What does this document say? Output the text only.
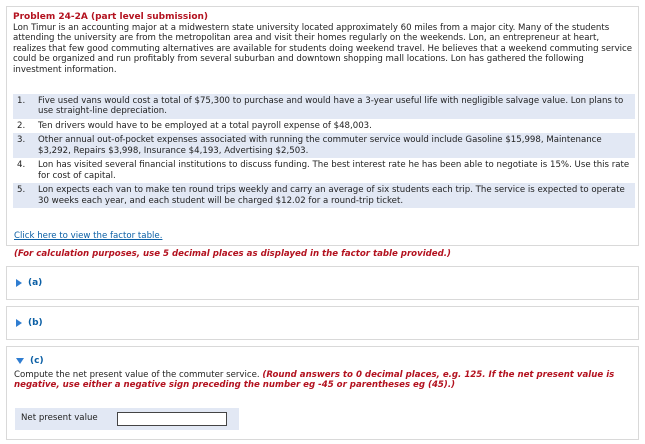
Problem 24-2A (part level submission)
Lon Timur is an accounting major at a midwestern state university located approximately 60 miles from a major city. Many of the students attending the university are from the metropolitan area and visit their homes regularly on the weekends. Lon, an entrepreneur at heart, realizes that few good commuting alternatives are available for students doing weekend travel. He believes that a weekend commuting service could be organized and run profitably from several suburban and downtown shopping mall locations. Lon has gathered the following investment information.
1.	Five used vans would cost a total of $75,300 to purchase and would have a 3-year useful life with negligible salvage value. Lon plans to use straight-line depreciation.
2.	Ten drivers would have to be employed at a total payroll expense of $48,003.
3.	Other annual out-of-pocket expenses associated with running the commuter service would include Gasoline $15,998, Maintenance $3,292, Repairs $3,998, Insurance $4,193, Advertising $2,503.
4.	Lon has visited several financial institutions to discuss funding. The best interest rate he has been able to negotiate is 15%. Use this rate for cost of capital.
5.	Lon expects each van to make ten round trips weekly and carry an average of six students each trip. The service is expected to operate 30 weeks each year, and each student will be charged $12.02 for a round-trip ticket.
Click here to view the factor table.
(For calculation purposes, use 5 decimal places as displayed in the factor table provided.)
(a)
(b)
(c)
Compute the net present value of the commuter service. (Round answers to 0 decimal places, e.g. 125. If the net present value is negative, use either a negative sign preceding the number eg -45 or parentheses eg (45).)
Net present value
